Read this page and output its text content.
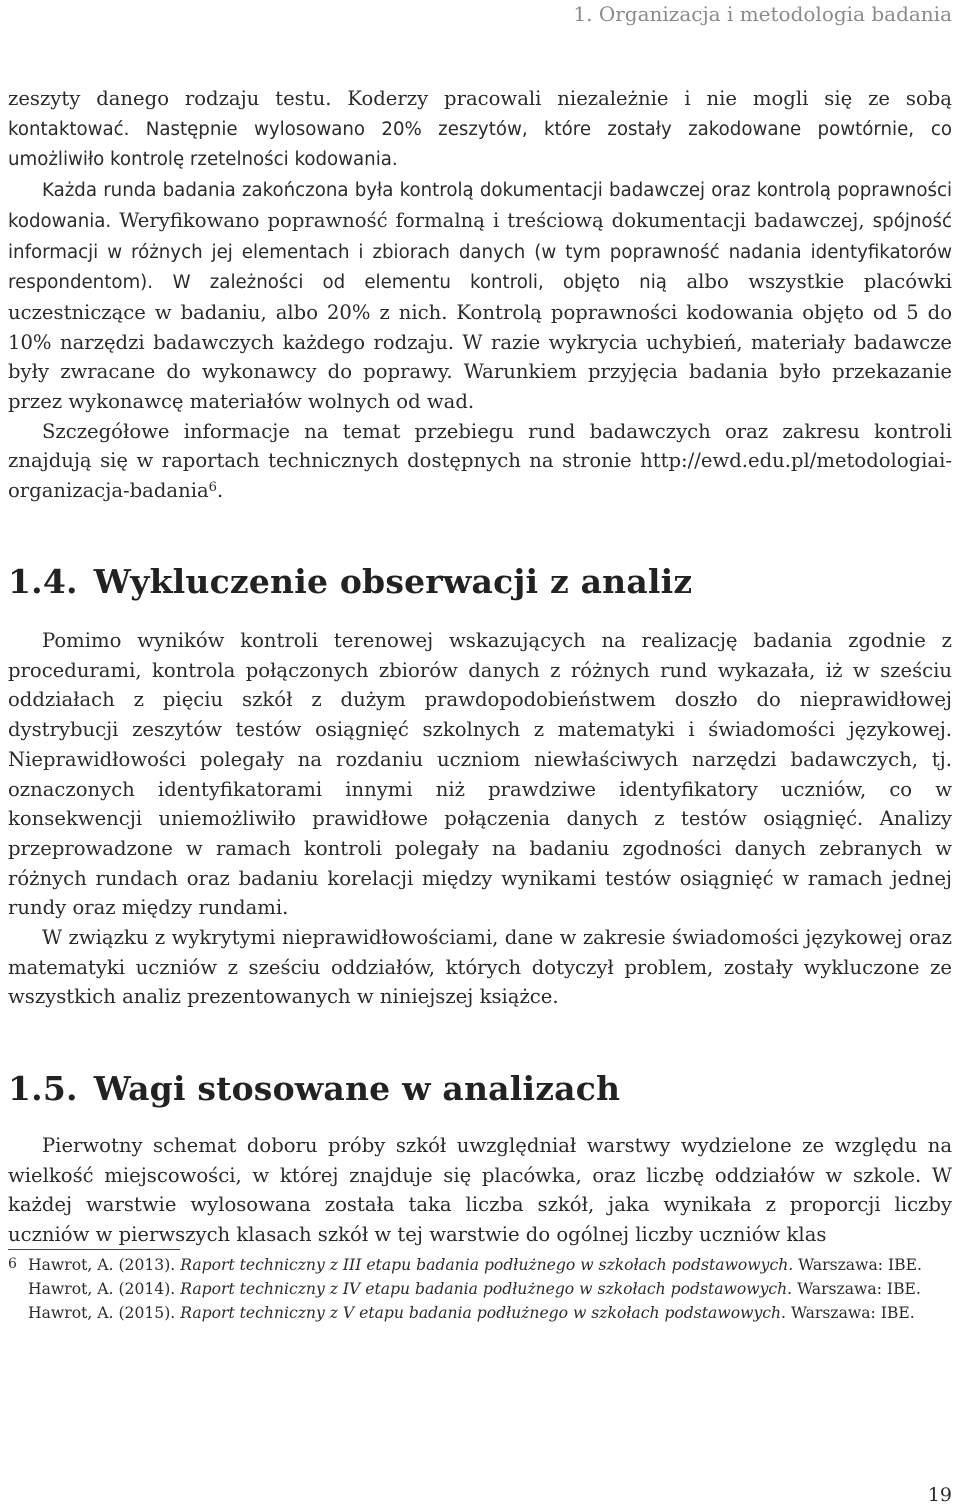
1. Organizacja i metodologia badania

zeszyty danego rodzaju testu. Koderzy pracowali niezależnie i nie mogli się ze sobą kontaktować. Następnie wylosowano 20% zeszytów, które zostały zakodowane powtórnie, co umożliwiło kontrolę rzetelności kodowania.

Każda runda badania zakończona była kontrolą dokumentacji badawczej oraz kontrolą poprawności kodowania. Weryfikowano poprawność formalną i treściową dokumentacji badawczej, spójność informacji w różnych jej elementach i zbiorach danych (w tym poprawność nadania identyfikatorów respondentom). W zależności od elementu kontroli, objęto nią albo wszystkie placówki uczestniczące w badaniu, albo 20% z nich. Kontrolą poprawności kodowania objęto od 5 do 10% narzędzi badawczych każdego rodzaju. W razie wykrycia uchybień, materiały badawcze były zwracane do wykonawcy do poprawy. Warunkiem przyjęcia badania było przekazanie przez wykonawcę materiałów wolnych od wad.

Szczegółowe informacje na temat przebiegu rund badawczych oraz zakresu kontroli znajdują się w raportach technicznych dostępnych na stronie http://ewd.edu.pl/metodologiai-organizacja-badania$^6$.

1.4. Wykluczenie obserwacji z analiz

Pomimo wyników kontroli terenowej wskazujących na realizację badania zgodnie z procedurami, kontrola połączonych zbiorów danych z różnych rund wykazała, iż w sześciu oddziałach z pięciu szkół z dużym prawdopodobieństwem doszło do nieprawidłowej dystrybucji zeszytów testów osiągnięć szkolnych z matematyki i świadomości językowej. Nieprawidłowości polegały na rozdaniu uczniom niewłaściwych narzędzi badawczych, tj. oznaczonych identyfikatorami innymi niż prawdziwe identyfikatory uczniów, co w konsekwencji uniemożliwiło prawidłowe połączenia danych z testów osiągnięć. Analizy przeprowadzone w ramach kontroli polegały na badaniu zgodności danych zebranych w różnych rundach oraz badaniu korelacji między wynikami testów osiągnięć w ramach jednej rundy oraz między rundami.

W związku z wykrytymi nieprawidłowościami, dane w zakresie świadomości językowej oraz matematyki uczniów z sześciu oddziałów, których dotyczył problem, zostały wykluczone ze wszystkich analiz prezentowanych w niniejszej książce.

1.5. Wagi stosowane w analizach

Pierwotny schemat doboru próby szkół uwzględniał warstwy wydzielone ze względu na wielkość miejscowości, w której znajduje się placówka, oraz liczbę oddziałów w szkole. W każdej warstwie wylosowana została taka liczba szkół, jaka wynikała z proporcji liczby uczniów w pierwszych klasach szkół w tej warstwie do ogólnej liczby uczniów klas

6 Hawrot, A. (2013). Raport techniczny z III etapu badania podłużnego w szkołach podstawowych. Warszawa: IBE.

Hawrot, A. (2014). Raport techniczny z IV etapu badania podłużnego w szkołach podstawowych. Warszawa: IBE.

Hawrot, A. (2015). Raport techniczny z V etapu badania podłużnego w szkołach podstawowych. Warszawa: IBE.

19
